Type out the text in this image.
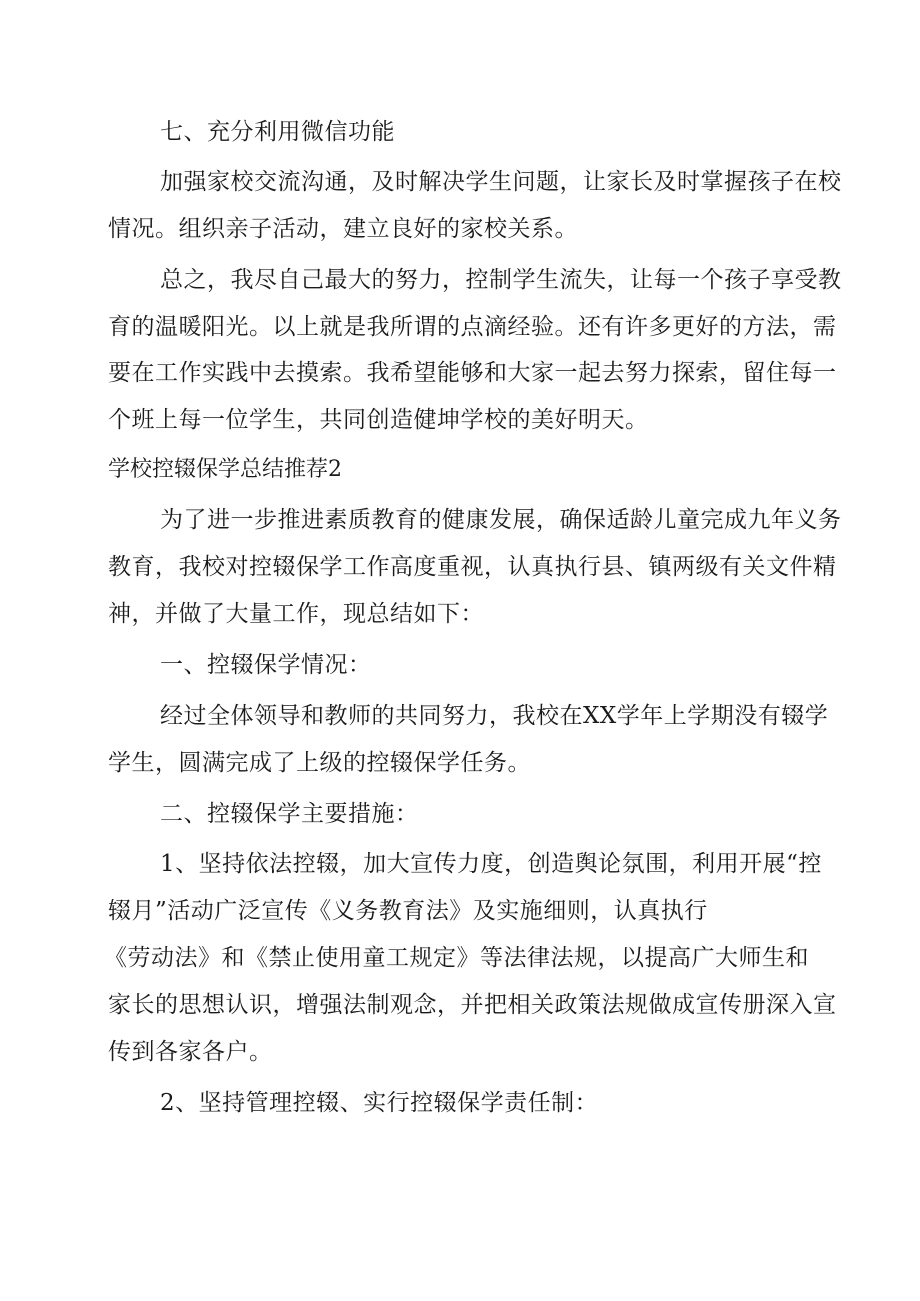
七、充分利用微信功能
加强家校交流沟通，及时解决学生问题，让家长及时掌握孩子在校
情况。组织亲子活动，建立良好的家校关系。
总之，我尽自己最大的努力，控制学生流失，让每一个孩子享受教
育的温暖阳光。以上就是我所谓的点滴经验。还有许多更好的方法，需
要在工作实践中去摸索。我希望能够和大家一起去努力探索，留住每一
个班上每一位学生，共同创造健坤学校的美好明天。
学校控辍保学总结推荐2
为了进一步推进素质教育的健康发展，确保适龄儿童完成九年义务
教育，我校对控辍保学工作高度重视，认真执行县、镇两级有关文件精
神，并做了大量工作，现总结如下：
一、控辍保学情况：
经过全体领导和教师的共同努力，我校在XX学年上学期没有辍学
学生，圆满完成了上级的控辍保学任务。
二、控辍保学主要措施：
1、坚持依法控辍，加大宣传力度，创造舆论氛围，利用开展“控
辍月”活动广泛宣传《义务教育法》及实施细则，认真执行
《劳动法》和《禁止使用童工规定》等法律法规，以提高广大师生和
家长的思想认识，增强法制观念，并把相关政策法规做成宣传册深入宣
传到各家各户。
2、坚持管理控辍、实行控辍保学责任制：
